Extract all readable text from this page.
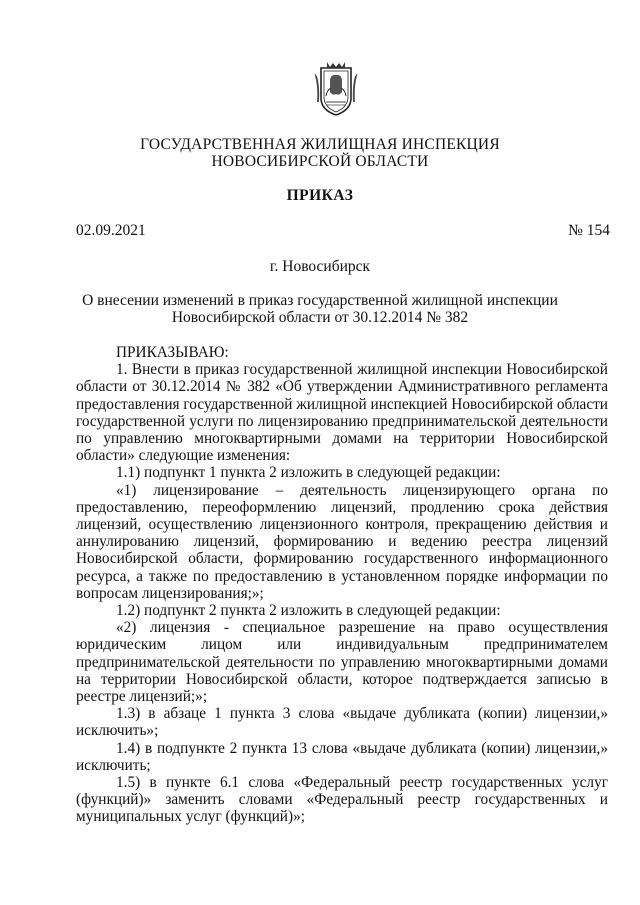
ГОСУДАРСТВЕННАЯ ЖИЛИЩНАЯ ИНСПЕКЦИЯ
НОВОСИБИРСКОЙ ОБЛАСТИ
ПРИКАЗ
02.09.2021	№ 154
г. Новосибирск
О внесении изменений в приказ государственной жилищной инспекции
Новосибирской области от 30.12.2014 № 382

ПРИКАЗЫВАЮ:

1. Внести в приказ государственной жилищной инспекции Новосибирской области от 30.12.2014 № 382 «Об утверждении Административного регламента предоставления государственной жилищной инспекцией Новосибирской области государственной услуги по лицензированию предпринимательской деятельности по управлению многоквартирными домами на территории Новосибирской области» следующие изменения:

1.1) подпункт 1 пункта 2 изложить в следующей редакции:

«1) лицензирование – деятельность лицензирующего органа по предоставлению, переоформлению лицензий, продлению срока действия лицензий, осуществлению лицензионного контроля, прекращению действия и аннулированию лицензий, формированию и ведению реестра лицензий Новосибирской области, формированию государственного информационного ресурса, а также по предоставлению в установленном порядке информации по вопросам лицензирования;»;

1.2) подпункт 2 пункта 2 изложить в следующей редакции:

«2) лицензия - специальное разрешение на право осуществления юридическим лицом или индивидуальным предпринимателем предпринимательской деятельности по управлению многоквартирными домами на территории Новосибирской области, которое подтверждается записью в реестре лицензий;»;

1.3) в абзаце 1 пункта 3 слова «выдаче дубликата (копии) лицензии,» исключить»;

1.4) в подпункте 2 пункта 13 слова «выдаче дубликата (копии) лицензии,» исключить;

1.5) в пункте 6.1 слова «Федеральный реестр государственных услуг (функций)» заменить словами «Федеральный реестр государственных и муниципальных услуг (функций)»;
